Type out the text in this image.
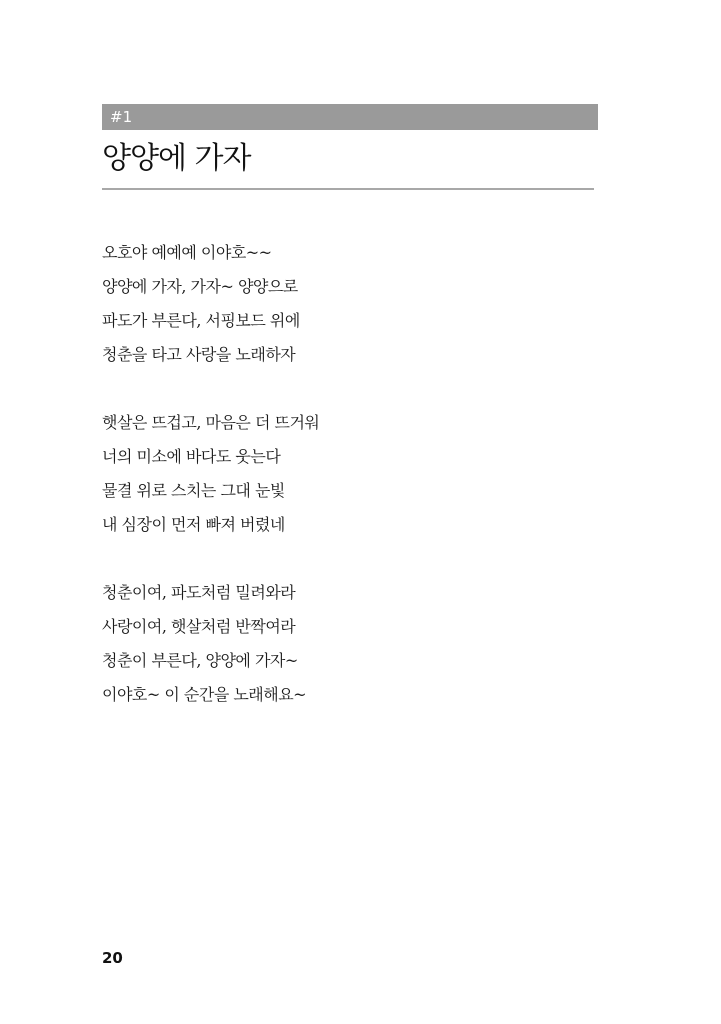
#1
양양에 가자
오호야 예예예 이야호~~
양양에 가자, 가자~ 양양으로
파도가 부른다, 서핑보드 위에
청춘을 타고 사랑을 노래하자
햇살은 뜨겁고, 마음은 더 뜨거워
너의 미소에 바다도 웃는다
물결 위로 스치는 그대 눈빛
내 심장이 먼저 빠져 버렸네
청춘이여, 파도처럼 밀려와라
사랑이여, 햇살처럼 반짝여라
청춘이 부른다, 양양에 가자~
이야호~ 이 순간을 노래해요~
20
